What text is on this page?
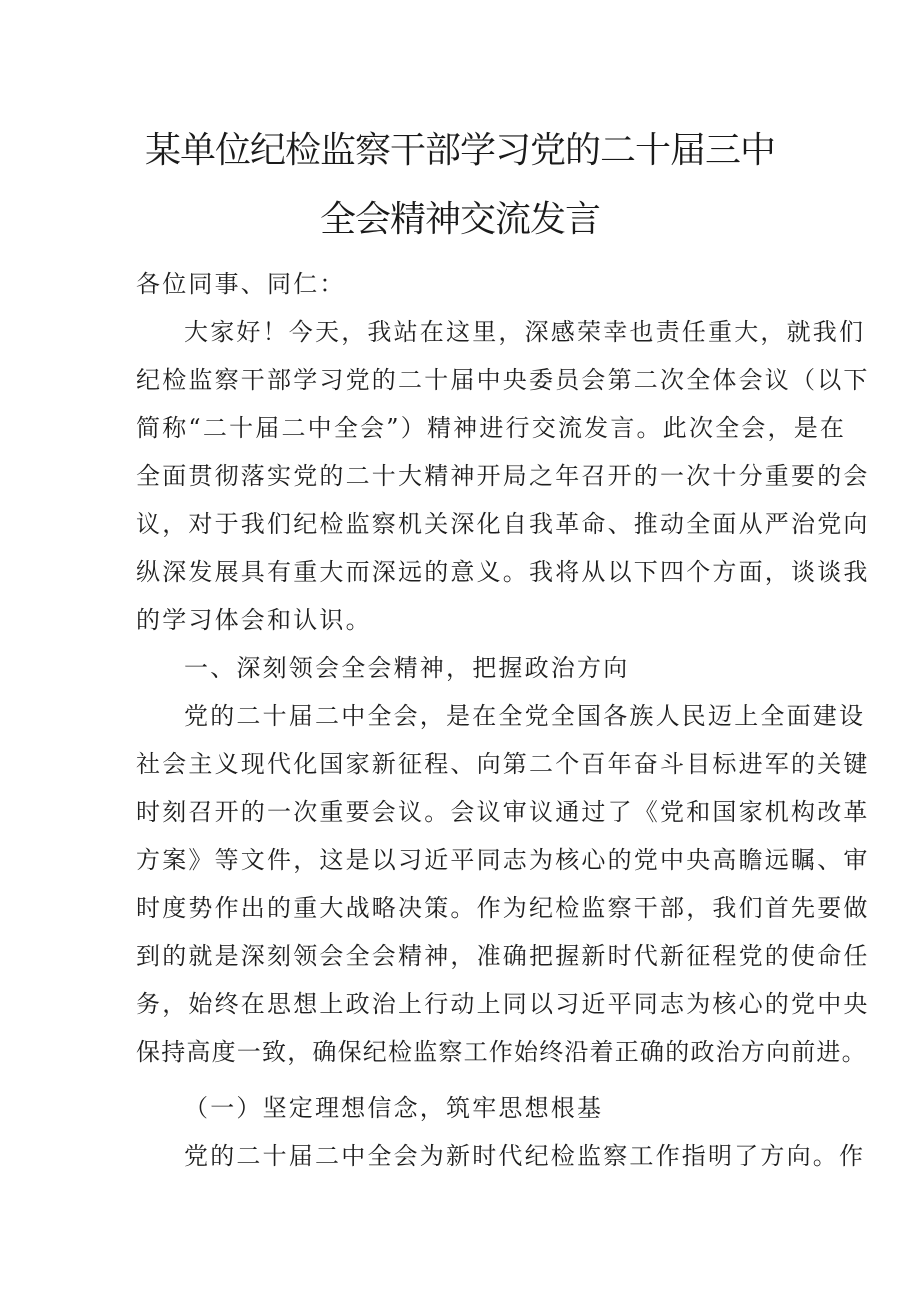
某单位纪检监察干部学习党的二十届三中
全会精神交流发言
各位同事、同仁：
大家好！今天，我站在这里，深感荣幸也责任重大，就我们
纪检监察干部学习党的二十届中央委员会第二次全体会议（以下
简称“二十届二中全会”）精神进行交流发言。此次全会，是在
全面贯彻落实党的二十大精神开局之年召开的一次十分重要的会
议，对于我们纪检监察机关深化自我革命、推动全面从严治党向
纵深发展具有重大而深远的意义。我将从以下四个方面，谈谈我
的学习体会和认识。
一、深刻领会全会精神，把握政治方向
党的二十届二中全会，是在全党全国各族人民迈上全面建设
社会主义现代化国家新征程、向第二个百年奋斗目标进军的关键
时刻召开的一次重要会议。会议审议通过了《党和国家机构改革
方案》等文件，这是以习近平同志为核心的党中央高瞻远瞩、审
时度势作出的重大战略决策。作为纪检监察干部，我们首先要做
到的就是深刻领会全会精神，准确把握新时代新征程党的使命任
务，始终在思想上政治上行动上同以习近平同志为核心的党中央
保持高度一致，确保纪检监察工作始终沿着正确的政治方向前进。
（一）坚定理想信念，筑牢思想根基
党的二十届二中全会为新时代纪检监察工作指明了方向。作
